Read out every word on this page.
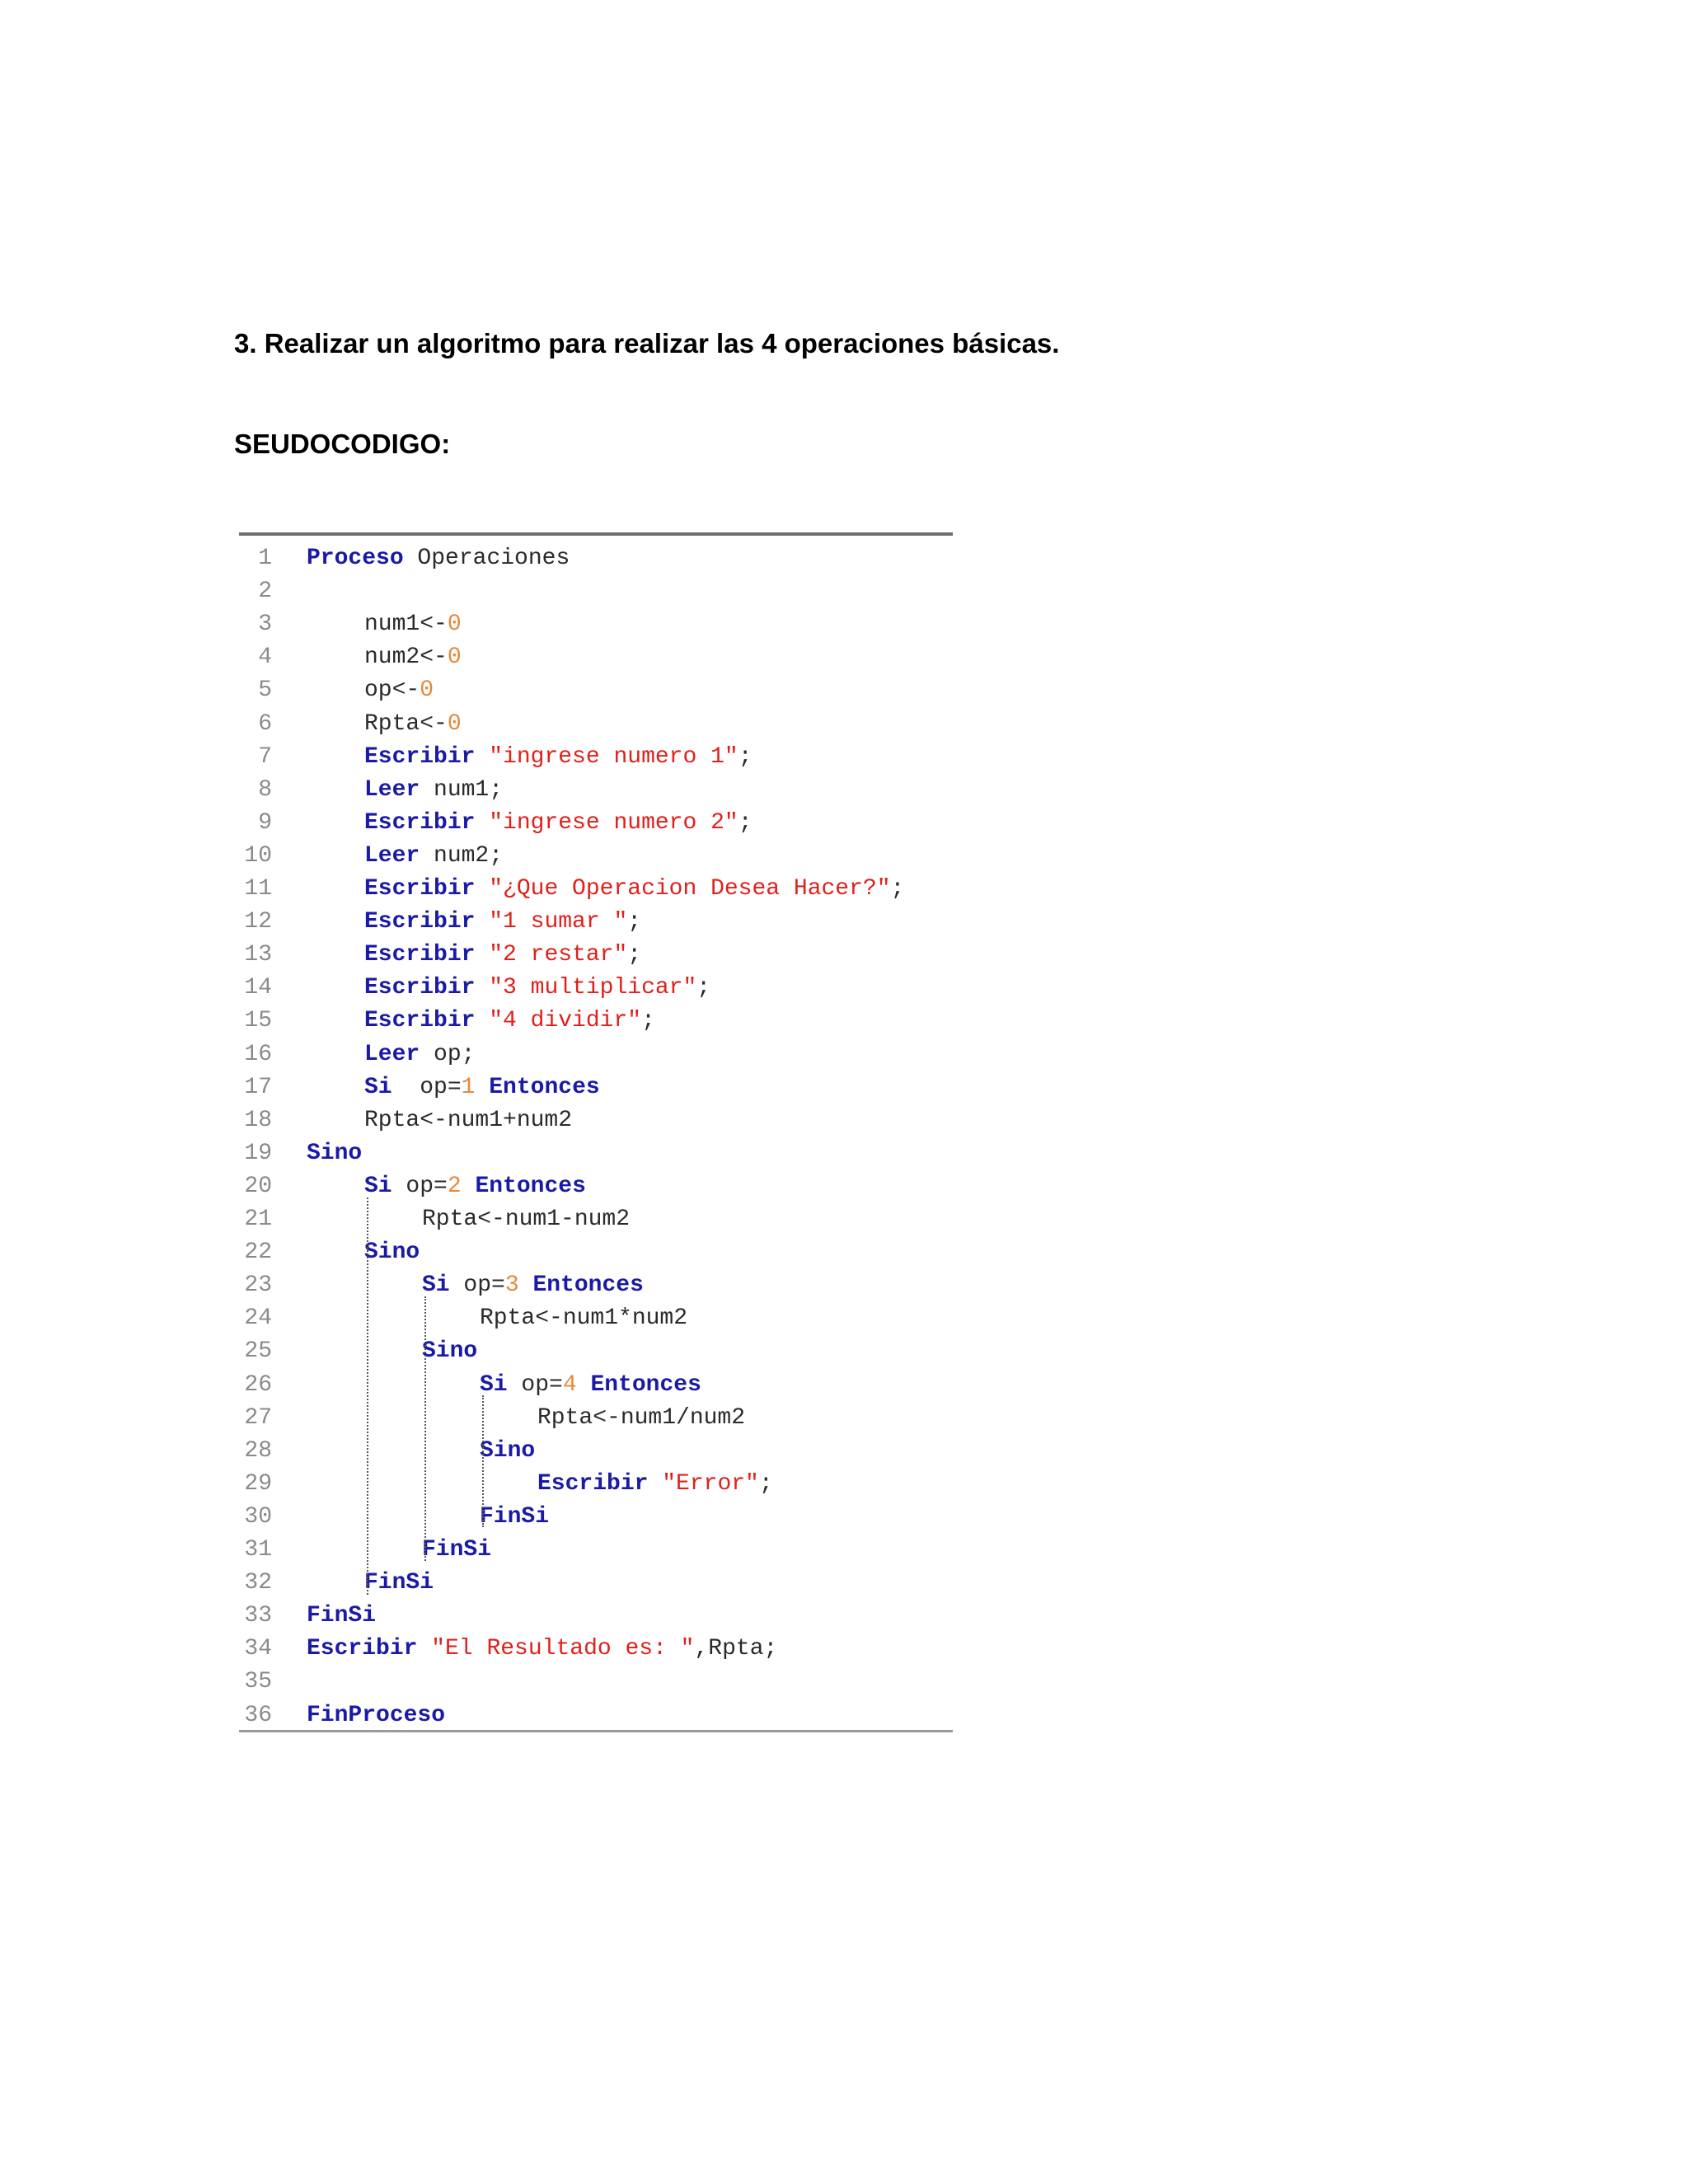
3. Realizar un algoritmo para realizar las 4 operaciones básicas.
SEUDOCODIGO:
1 Proceso Operaciones
2
3	num1<-0
4	num2<-0
5	op<-0
6	Rpta<-0
7	Escribir "ingrese numero 1";
8	Leer num1;
9	Escribir "ingrese numero 2";
10	Leer num2;
11	Escribir "¿Que Operacion Desea Hacer?";
12	Escribir "1 sumar ";
13	Escribir "2 restar";
14	Escribir "3 multiplicar";
15	Escribir "4 dividir";
16	Leer op;
17	Si  op=1 Entonces
18	Rpta<-num1+num2
19 Sino
20	Si op=2 Entonces
21	Rpta<-num1-num2
22	Sino
23	Si op=3 Entonces
24	Rpta<-num1*num2
25	Sino
26	Si op=4 Entonces
27	Rpta<-num1/num2
28	Sino
29	Escribir "Error";
30	FinSi
31	FinSi
32	FinSi
33 FinSi
34 Escribir "El Resultado es: ",Rpta;
35
36 FinProceso
